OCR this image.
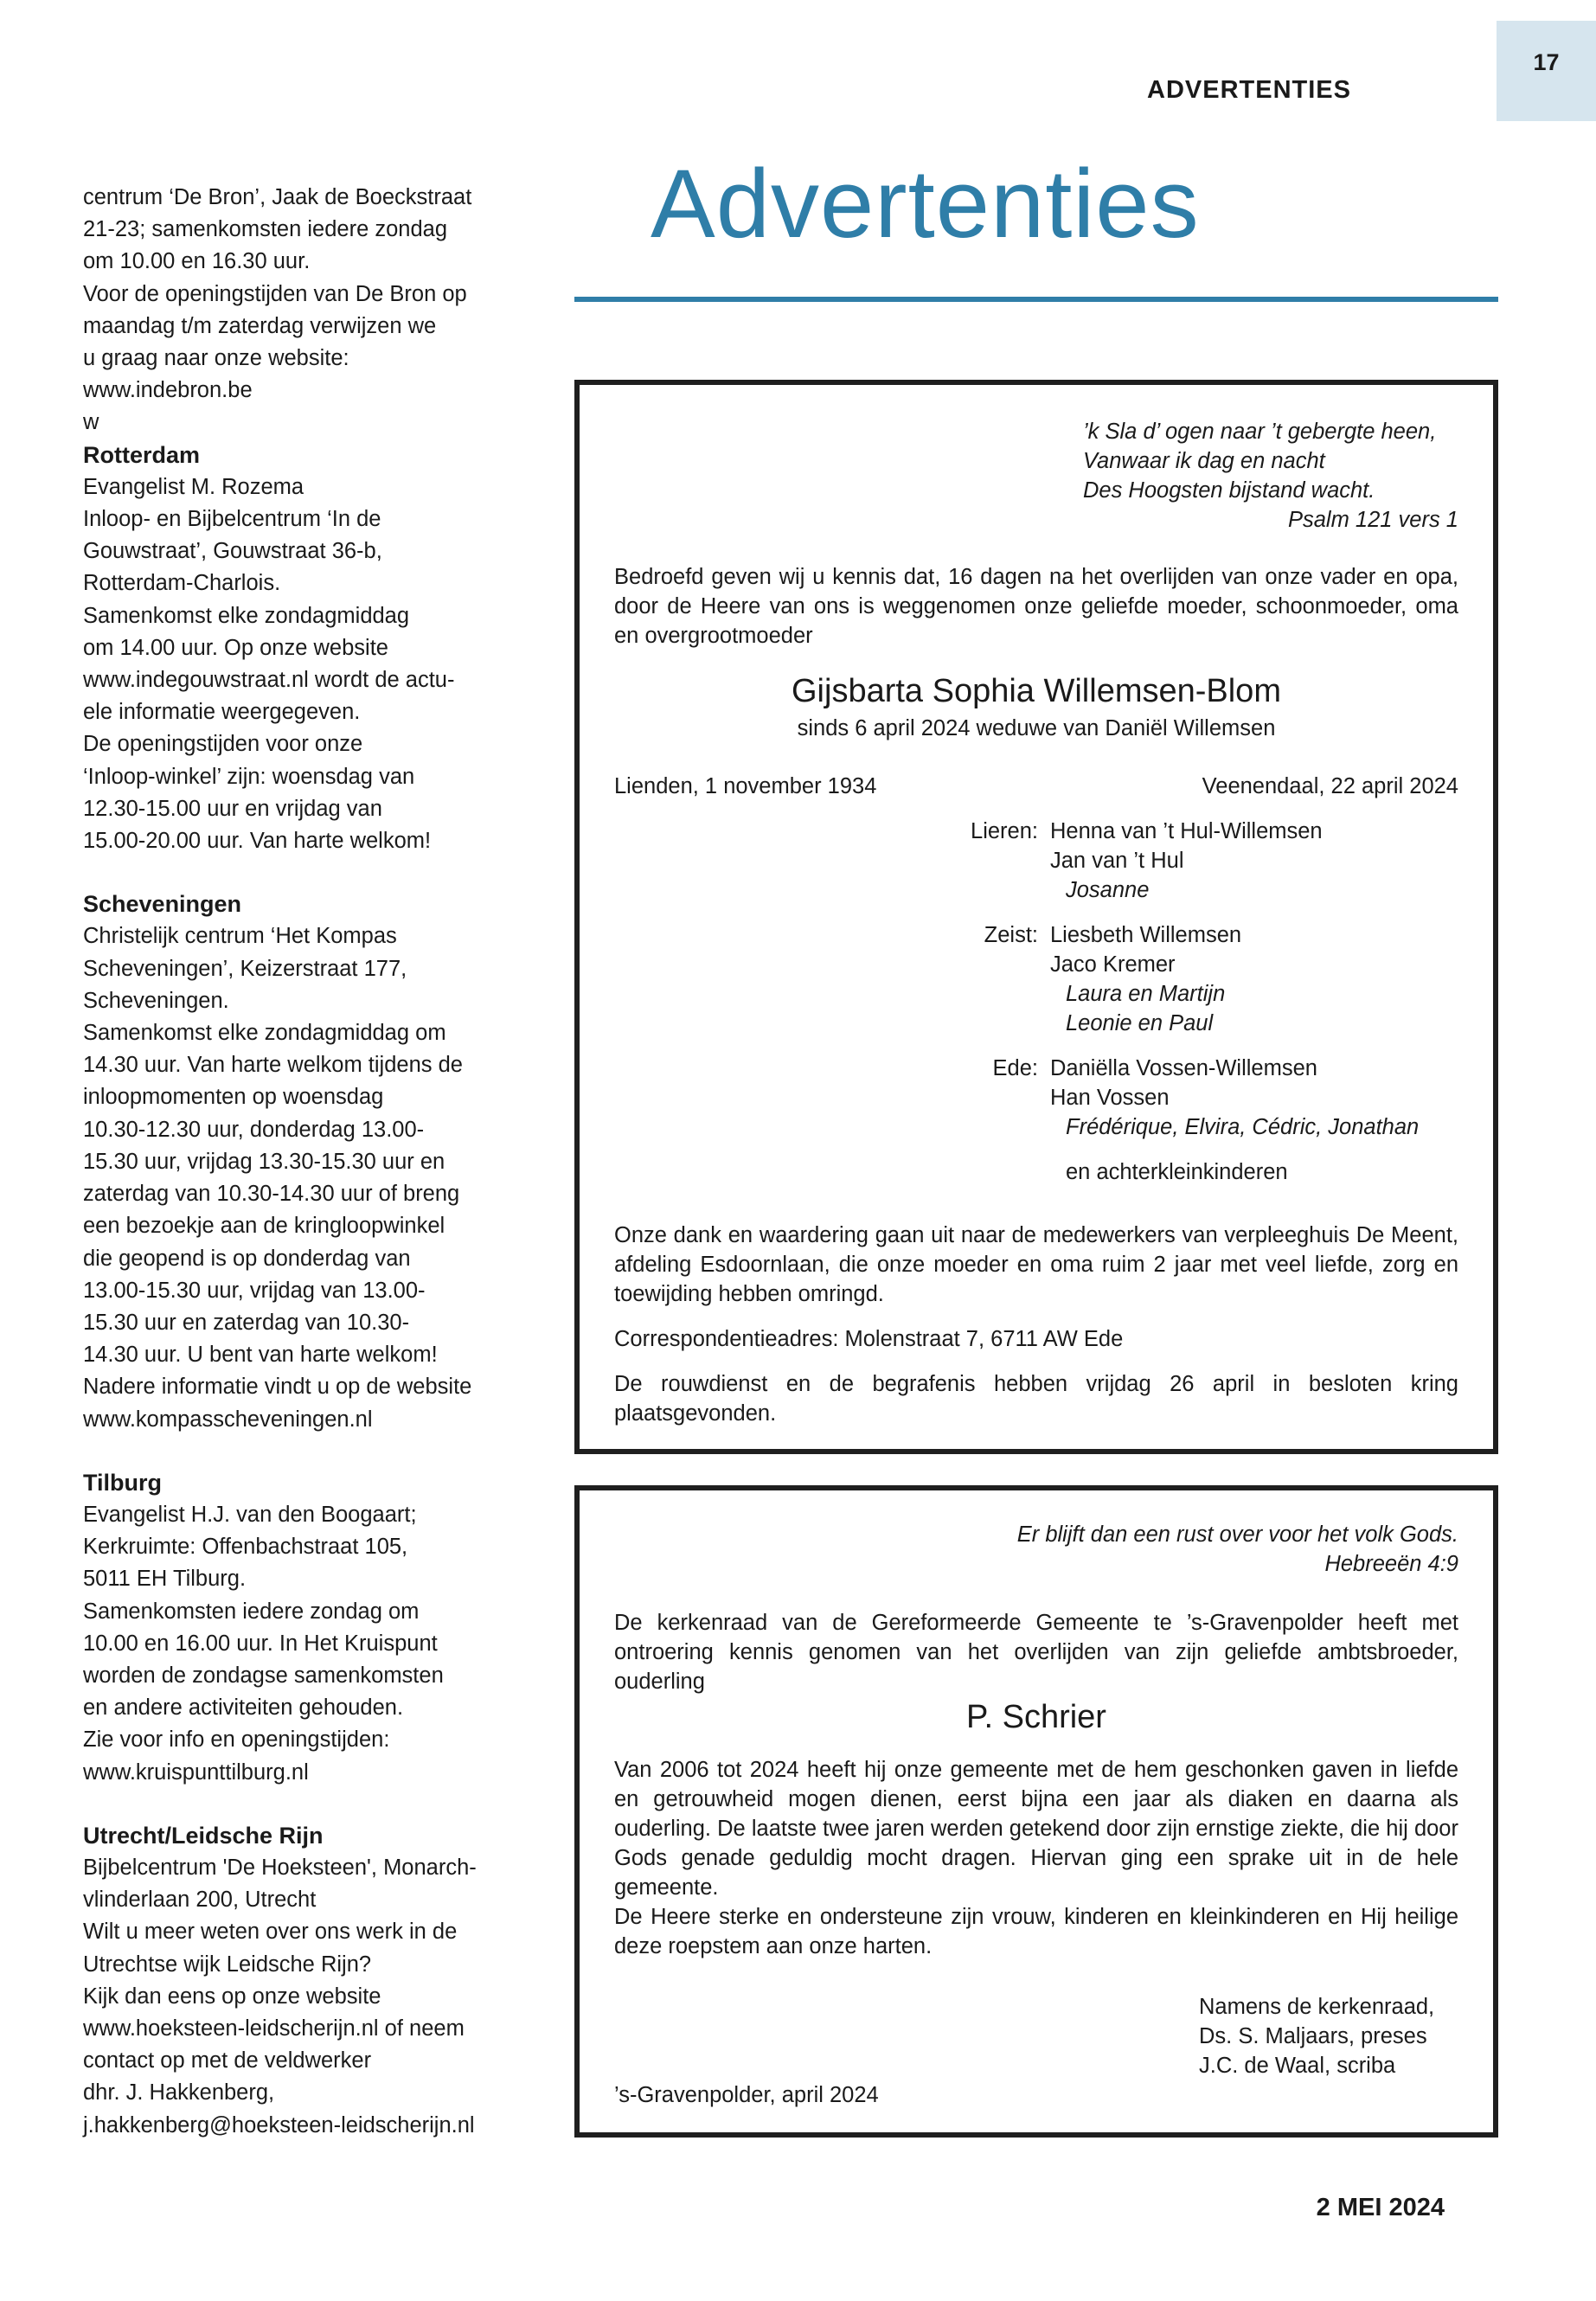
ADVERTENTIES
17
centrum ‘De Bron’, Jaak de Boeckstraat
21-23; samenkomsten iedere zondag
om 10.00 en 16.30 uur.
Voor de openingstijden van De Bron op
maandag t/m zaterdag verwijzen we
u graag naar onze website:
www.indebron.be
w
Rotterdam
Evangelist M. Rozema
Inloop- en Bijbelcentrum ‘In de
Gouwstraat’, Gouwstraat 36-b,
Rotterdam-Charlois.
Samenkomst elke zondagmiddag
om 14.00 uur. Op onze website
www.indegouwstraat.nl wordt de actu-
ele informatie weergegeven.
De openingstijden voor onze
‘Inloop-winkel’ zijn: woensdag van
12.30-15.00 uur en vrijdag van
15.00-20.00 uur. Van harte welkom!
Scheveningen
Christelijk centrum ‘Het Kompas
Scheveningen’, Keizerstraat 177,
Scheveningen.
Samenkomst elke zondagmiddag om
14.30 uur. Van harte welkom tijdens de
inloopmomenten op woensdag
10.30-12.30 uur, donderdag 13.00-
15.30 uur, vrijdag 13.30-15.30 uur en
zaterdag van 10.30-14.30 uur of breng
een bezoekje aan de kringloopwinkel
die geopend is op donderdag van
13.00-15.30 uur, vrijdag van 13.00-
15.30 uur en zaterdag van 10.30-
14.30 uur. U bent van harte welkom!
Nadere informatie vindt u op de website
www.kompasscheveningen.nl
Tilburg
Evangelist H.J. van den Boogaart;
Kerkruimte: Offenbachstraat 105,
5011 EH Tilburg.
Samenkomsten iedere zondag om
10.00 en 16.00 uur. In Het Kruispunt
worden de zondagse samenkomsten
en andere activiteiten gehouden.
Zie voor info en openingstijden:
www.kruispunttilburg.nl
Utrecht/Leidsche Rijn
Bijbelcentrum 'De Hoeksteen', Monarch-
vlinderlaan 200, Utrecht
Wilt u meer weten over ons werk in de
Utrechtse wijk Leidsche Rijn?
Kijk dan eens op onze website
www.hoeksteen-leidscherijn.nl of neem
contact op met de veldwerker
dhr. J. Hakkenberg,
j.hakkenberg@hoeksteen-leidscherijn.nl
Advertenties
’k Sla d’ ogen naar ’t gebergte heen,
Vanwaar ik dag en nacht
Des Hoogsten bijstand wacht.
Psalm 121 vers 1
Bedroefd geven wij u kennis dat, 16 dagen na het overlijden van onze vader en opa, door de Heere van ons is weggenomen onze geliefde moeder, schoonmoeder, oma en overgrootmoeder
Gijsbarta Sophia Willemsen-Blom
sinds 6 april 2024 weduwe van Daniël Willemsen
Lienden, 1 november 1934	Veenendaal, 22 april 2024
Lieren: Henna van ’t Hul-Willemsen
Jan van ’t Hul
Josanne
Zeist: Liesbeth Willemsen
Jaco Kremer
Laura en Martijn
Leonie en Paul
Ede: Daniëlla Vossen-Willemsen
Han Vossen
Frédérique, Elvira, Cédric, Jonathan
en achterkleinkinderen
Onze dank en waardering gaan uit naar de medewerkers van verpleeghuis De Meent, afdeling Esdoornlaan, die onze moeder en oma ruim 2 jaar met veel liefde, zorg en toewijding hebben omringd.
Correspondentieadres: Molenstraat 7, 6711 AW Ede
De rouwdienst en de begrafenis hebben vrijdag 26 april in besloten kring plaatsgevonden.
Er blijft dan een rust over voor het volk Gods.
Hebreeën 4:9
De kerkenraad van de Gereformeerde Gemeente te ’s-Gravenpolder heeft met ontroering kennis genomen van het overlijden van zijn geliefde ambtsbroeder, ouderling
P. Schrier
Van 2006 tot 2024 heeft hij onze gemeente met de hem geschonken gaven in liefde en getrouwheid mogen dienen, eerst bijna een jaar als diaken en daarna als ouderling. De laatste twee jaren werden getekend door zijn ernstige ziekte, die hij door Gods genade geduldig mocht dragen. Hiervan ging een sprake uit in de hele gemeente.
De Heere sterke en ondersteune zijn vrouw, kinderen en kleinkinderen en Hij heilige deze roepstem aan onze harten.
Namens de kerkenraad,
Ds. S. Maljaars, preses
J.C. de Waal, scriba
’s-Gravenpolder, april 2024
2 MEI 2024
